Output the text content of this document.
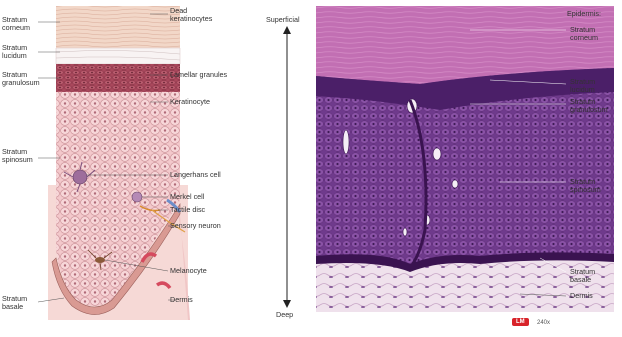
Stratum
corneum
Stratum
lucidum
Stratum
granulosum
Stratum
spinosum
Stratum
basale
Dead
keratinocytes
Lamellar granules
Keratinocyte
Langerhans cell
Merkel cell
Tactile disc
Sensory neuron
Melanocyte
Dermis
Superficial
Deep
Epidermis:
Stratum
corneum
Stratum
lucidum
Stratum
granulosum
Stratum
spinosum
Stratum
basale
Dermis
LM	240x
